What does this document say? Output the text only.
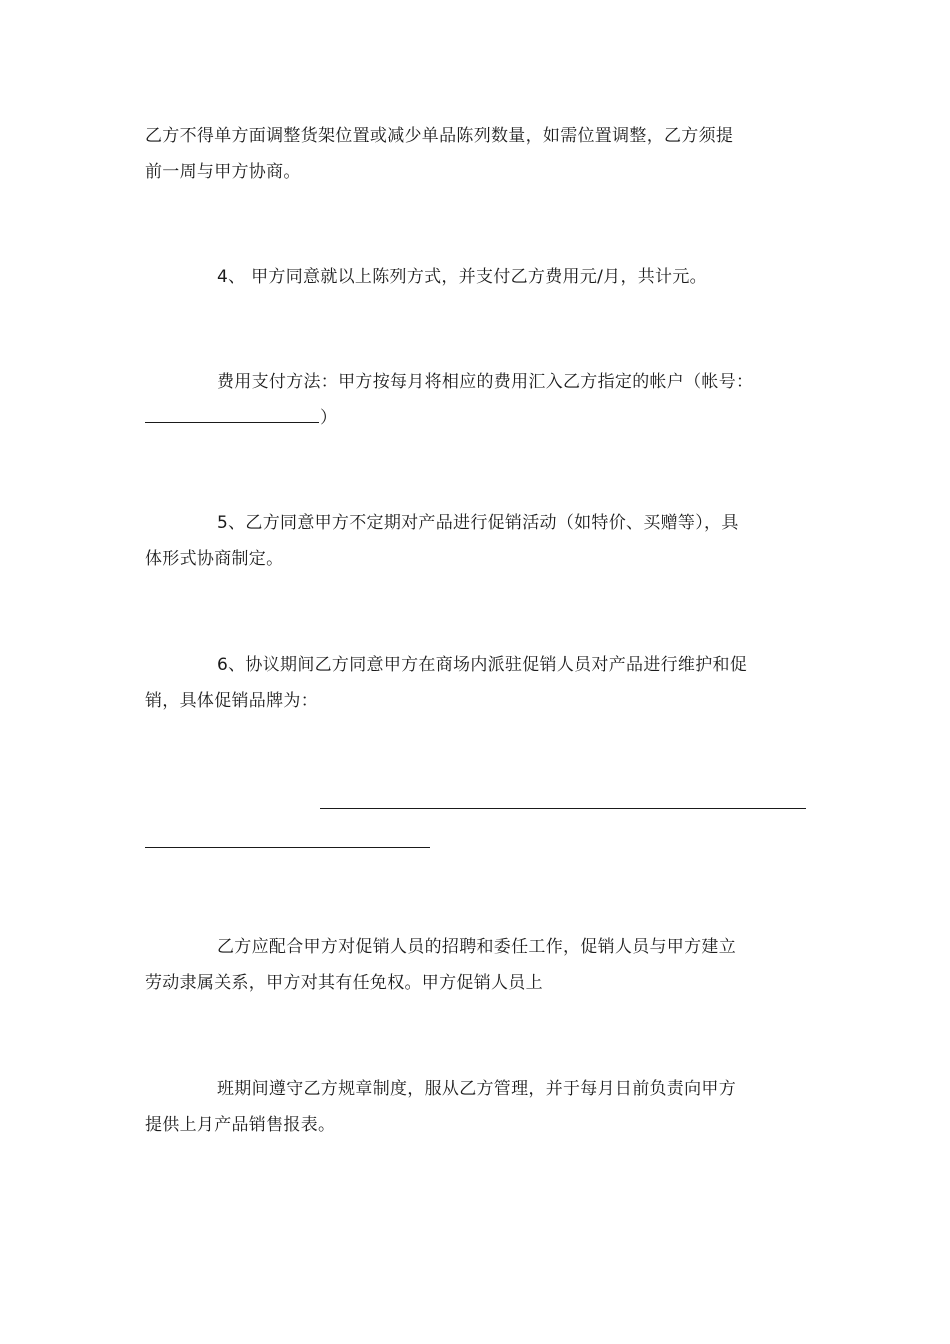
乙方不得单方面调整货架位置或减少单品陈列数量，如需位置调整，乙方须提
前一周与甲方协商。

4、 甲方同意就以上陈列方式，并支付乙方费用元/月，共计元。

费用支付方法：甲方按每月将相应的费用汇入乙方指定的帐户（帐号：
）

5、乙方同意甲方不定期对产品进行促销活动（如特价、买赠等），具
体形式协商制定。

6、协议期间乙方同意甲方在商场内派驻促销人员对产品进行维护和促
销，具体促销品牌为：

乙方应配合甲方对促销人员的招聘和委任工作，促销人员与甲方建立
劳动隶属关系，甲方对其有任免权。甲方促销人员上

班期间遵守乙方规章制度，服从乙方管理，并于每月日前负责向甲方
提供上月产品销售报表。
